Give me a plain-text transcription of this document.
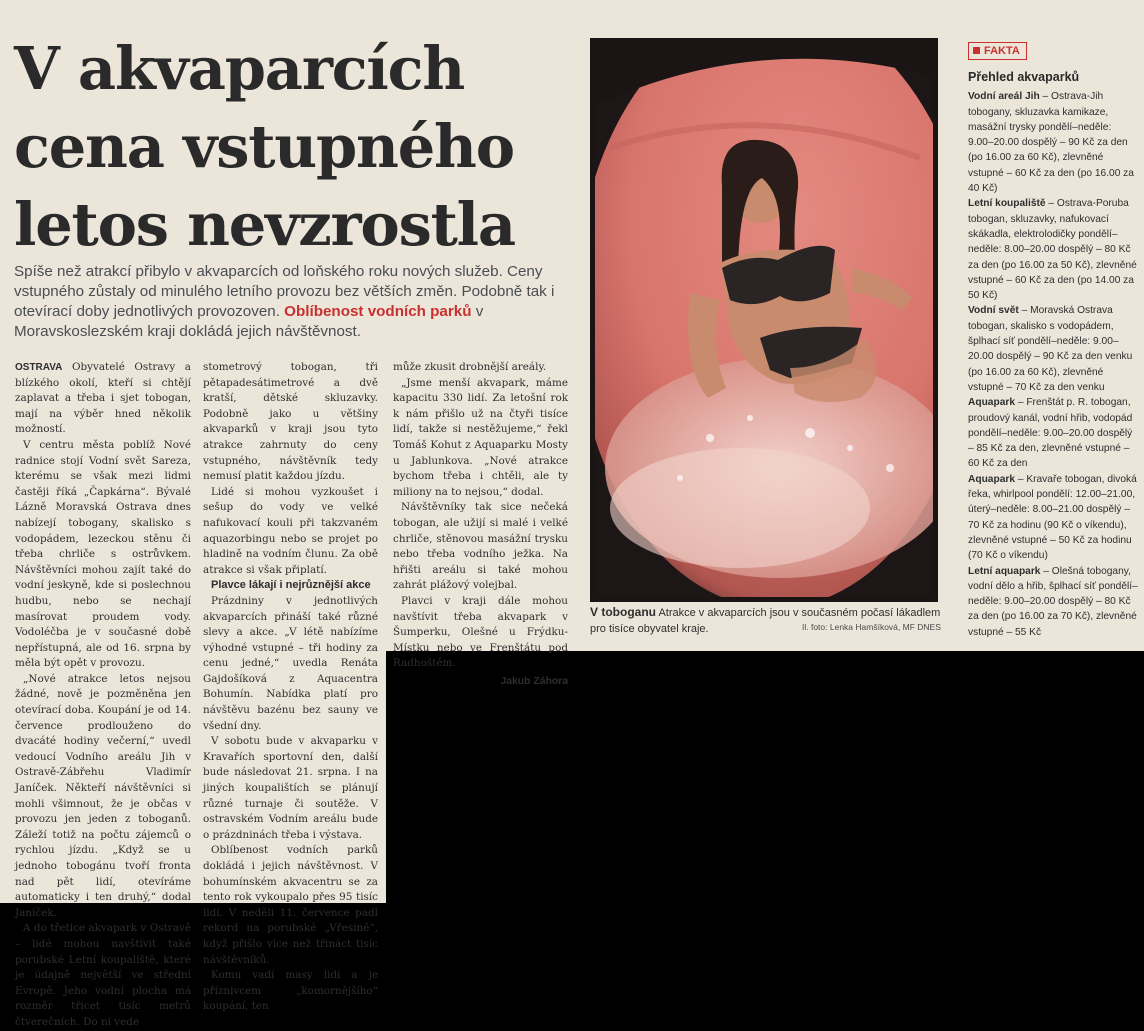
V akvaparcích
cena vstupného
letos nevzrostla
Spíše než atrakcí přibylo v akvaparcích od loňského roku nových služeb. Ceny vstupného zůstaly od minulého letního provozu bez větších změn. Podobně tak i otevírací doby jednotlivých provozoven. Oblíbenost vodních parků v Moravskoslezském kraji dokládá jejich návštěvnost.

OSTRAVA Obyvatelé Ostravy a blízkého okolí, kteří si chtějí zaplavat a třeba i sjet tobogan, mají na výběr hned několik možností.

V centru města poblíž Nové radnice stojí Vodní svět Sareza, kterému se však mezi lidmi častěji říká „Čapkárna“. Bývalé Lázně Moravská Ostrava dnes nabízejí tobogany, skalisko s vodopádem, lezeckou stěnu či třeba chrliče s ostrůvkem. Návštěvníci mohou zajít také do vodní jeskyně, kde si poslechnou hudbu, nebo se nechají masírovat proudem vody. Vodoléčba je v současné době nepřístupná, ale od 16. srpna by měla být opět v provozu.

„Nové atrakce letos nejsou žádné, nově je pozměněna jen otevírací doba. Koupání je od 14. července prodlouženo do dvacáté hodiny večerní,“ uvedl vedoucí Vodního areálu Jih v Ostravě-Zábřehu Vladimír Janíček. Někteří návštěvníci si mohli všimnout, že je občas v provozu jen jeden z toboganů. Záleží totiž na počtu zájemců o rychlou jízdu. „Když se u jednoho tobogánu tvoří fronta nad pět lidí, otevíráme automaticky i ten druhý,“ dodal Janíček.

A do třetice akvapark v Ostravě – lidé mohou navštívit také porubské Letní koupaliště, které je údajně největší ve střední Evropě. Jeho vodní plocha má rozměr třicet tisíc metrů čtverečních. Do ní vede

stometrový tobogan, tři pětapadesátimetrové a dvě kratší, dětské skluzavky. Podobně jako u většiny akvaparků v kraji jsou tyto atrakce zahrnuty do ceny vstupného, návštěvník tedy nemusí platit každou jízdu.

Lidé si mohou vyzkoušet i sešup do vody ve velké nafukovací kouli při takzvaném aquazorbingu nebo se projet po hladině na vodním člunu. Za obě atrakce si však připlatí.

Plavce lákají i nejrůznější akce

Prázdniny v jednotlivých akvaparcích přináší také různé slevy a akce. „V létě nabízíme výhodné vstupné – tři hodiny za cenu jedné,“ uvedla Renáta Gajdošíková z Aquacentra Bohumín. Nabídka platí pro návštěvu bazénu bez sauny ve všední dny.

V sobotu bude v akvaparku v Kravařích sportovní den, další bude následovat 21. srpna. I na jiných koupalištích se plánují různé turnaje či soutěže. V ostravském Vodním areálu bude o prázdninách třeba i výstava.

Oblíbenost vodních parků dokládá i jejich návštěvnost. V bohumínském akvacentru se za tento rok vykoupalo přes 95 tisíc lidí. V neděli 11. července padl rekord na porubské „Vřesině“, když přišlo více než třináct tisíc návštěvníků.

Komu vadí masy lidí a je příznivcem „komornějšího“ koupání, ten

může zkusit drobnější areály.

„Jsme menší akvapark, máme kapacitu 330 lidí. Za letošní rok k nám přišlo už na čtyři tisíce lidí, takže si nestěžujeme,“ řekl Tomáš Kohut z Aquaparku Mosty u Jablunkova. „Nové atrakce bychom třeba i chtěli, ale ty miliony na to nejsou,“ dodal.

Návštěvníky tak sice nečeká tobogan, ale užijí si malé i velké chrliče, stěnovou masážní trysku nebo třeba vodního ježka. Na hřišti areálu si také mohou zahrát plážový volejbal.

Plavci v kraji dále mohou navštívit třeba akvapark v Šumperku, Olešné u Frýdku-Místku nebo ve Frenštátu pod Radhoštěm.

Jakub Záhora
V toboganu Atrakce v akvaparcích jsou v současném počasí lákadlem pro tisíce obyvatel kraje.	Il. foto: Lenka Hamšíková, MF DNES
FAKTA
Přehled akvaparků
Vodní areál Jih – Ostrava-Jih tobogany, skluzavka kamikaze, masážní trysky pondělí–neděle: 9.00–20.00 dospělý – 90 Kč za den (po 16.00 za 60 Kč), zlevněné vstupné – 60 Kč za den (po 16.00 za 40 Kč)
Letní koupaliště – Ostrava-Poruba tobogan, skluzavky, nafukovací skákadla, elektrolodičky pondělí–neděle: 8.00–20.00 dospělý – 80 Kč za den (po 16.00 za 50 Kč), zlevněné vstupné – 60 Kč za den (po 14.00 za 50 Kč)
Vodní svět – Moravská Ostrava tobogan, skalisko s vodopádem, šplhací síť pondělí–neděle: 9.00–20.00 dospělý – 90 Kč za den venku (po 16.00 za 60 Kč), zlevněné vstupné – 70 Kč za den venku
Aquapark – Frenštát p. R. tobogan, proudový kanál, vodní hřib, vodopád pondělí–neděle: 9.00–20.00 dospělý – 85 Kč za den, zlevněné vstupné – 60 Kč za den
Aquapark – Kravaře tobogan, divoká řeka, whirlpool pondělí: 12.00–21.00, úterý–neděle: 8.00–21.00 dospělý – 70 Kč za hodinu (90 Kč o víkendu), zlevněné vstupné – 50 Kč za hodinu (70 Kč o víkendu)
Letní aquapark – Olešná tobogany, vodní dělo a hřib, šplhací síť pondělí–neděle: 9.00–20.00 dospělý – 80 Kč za den (po 16.00 za 70 Kč), zlevněné vstupné – 55 Kč
